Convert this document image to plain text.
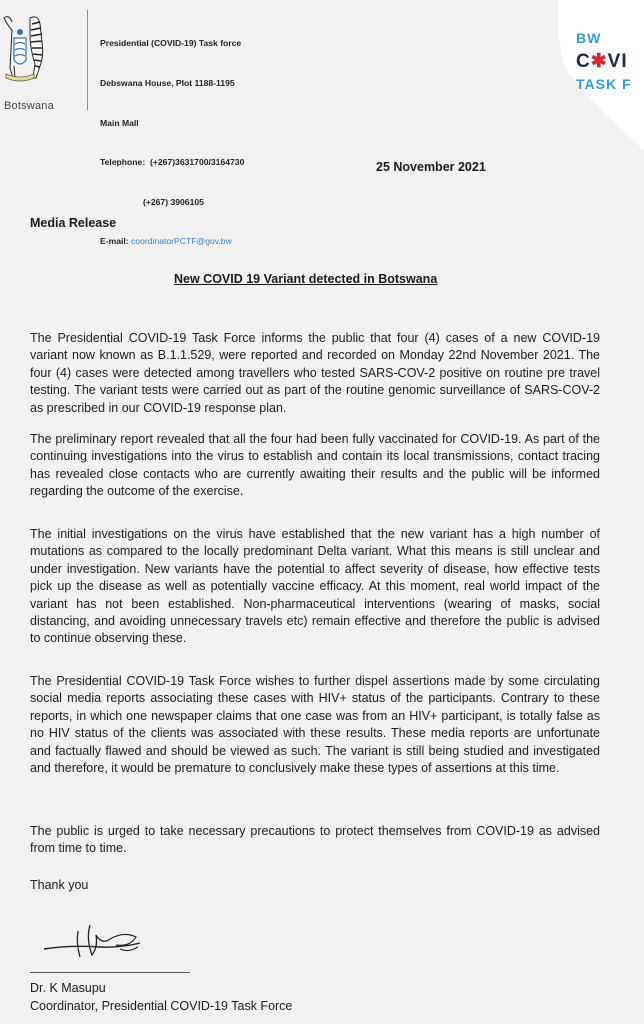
Botswana

Presidential (COVID-19) Task force

Debswana House, Plot 1188-1195

Main Mall

Telephone:  (+267)3631700/3164730

(+267) 3906105

E-mail: coordinatorPCTF@gov.bw

BW
C✱VI
TASK F
25 November 2021
Media Release
New COVID 19 Variant detected in Botswana
The Presidential COVID-19 Task Force informs the public that four (4) cases of a new COVID-19 variant now known as B.1.1.529, were reported and recorded on Monday 22nd November 2021. The four (4) cases were detected among travellers who tested SARS-COV-2 positive on routine pre travel testing. The variant tests were carried out as part of the routine genomic surveillance of SARS-COV-2 as prescribed in our COVID-19 response plan.
The preliminary report revealed that all the four had been fully vaccinated for COVID-19. As part of the continuing investigations into the virus to establish and contain its local transmissions, contact tracing has revealed close contacts who are currently awaiting their results and the public will be informed regarding the outcome of the exercise.
The initial investigations on the virus have established that the new variant has a high number of mutations as compared to the locally predominant Delta variant. What this means is still unclear and under investigation. New variants have the potential to affect severity of disease, how effective tests pick up the disease as well as potentially vaccine efficacy. At this moment, real world impact of the variant has not been established. Non-pharmaceutical interventions (wearing of masks, social distancing, and avoiding unnecessary travels etc) remain effective and therefore the public is advised to continue observing these.
The Presidential COVID-19 Task Force wishes to further dispel assertions made by some circulating social media reports associating these cases with HIV+ status of the participants. Contrary to these reports, in which one newspaper claims that one case was from an HIV+ participant, is totally false as no HIV status of the clients was associated with these results. These media reports are unfortunate and factually flawed and should be viewed as such. The variant is still being studied and investigated and therefore, it would be premature to conclusively make these types of assertions at this time.
The public is urged to take necessary precautions to protect themselves from COVID-19 as advised from time to time.
Thank you
Dr. K Masupu
Coordinator, Presidential COVID-19 Task Force
